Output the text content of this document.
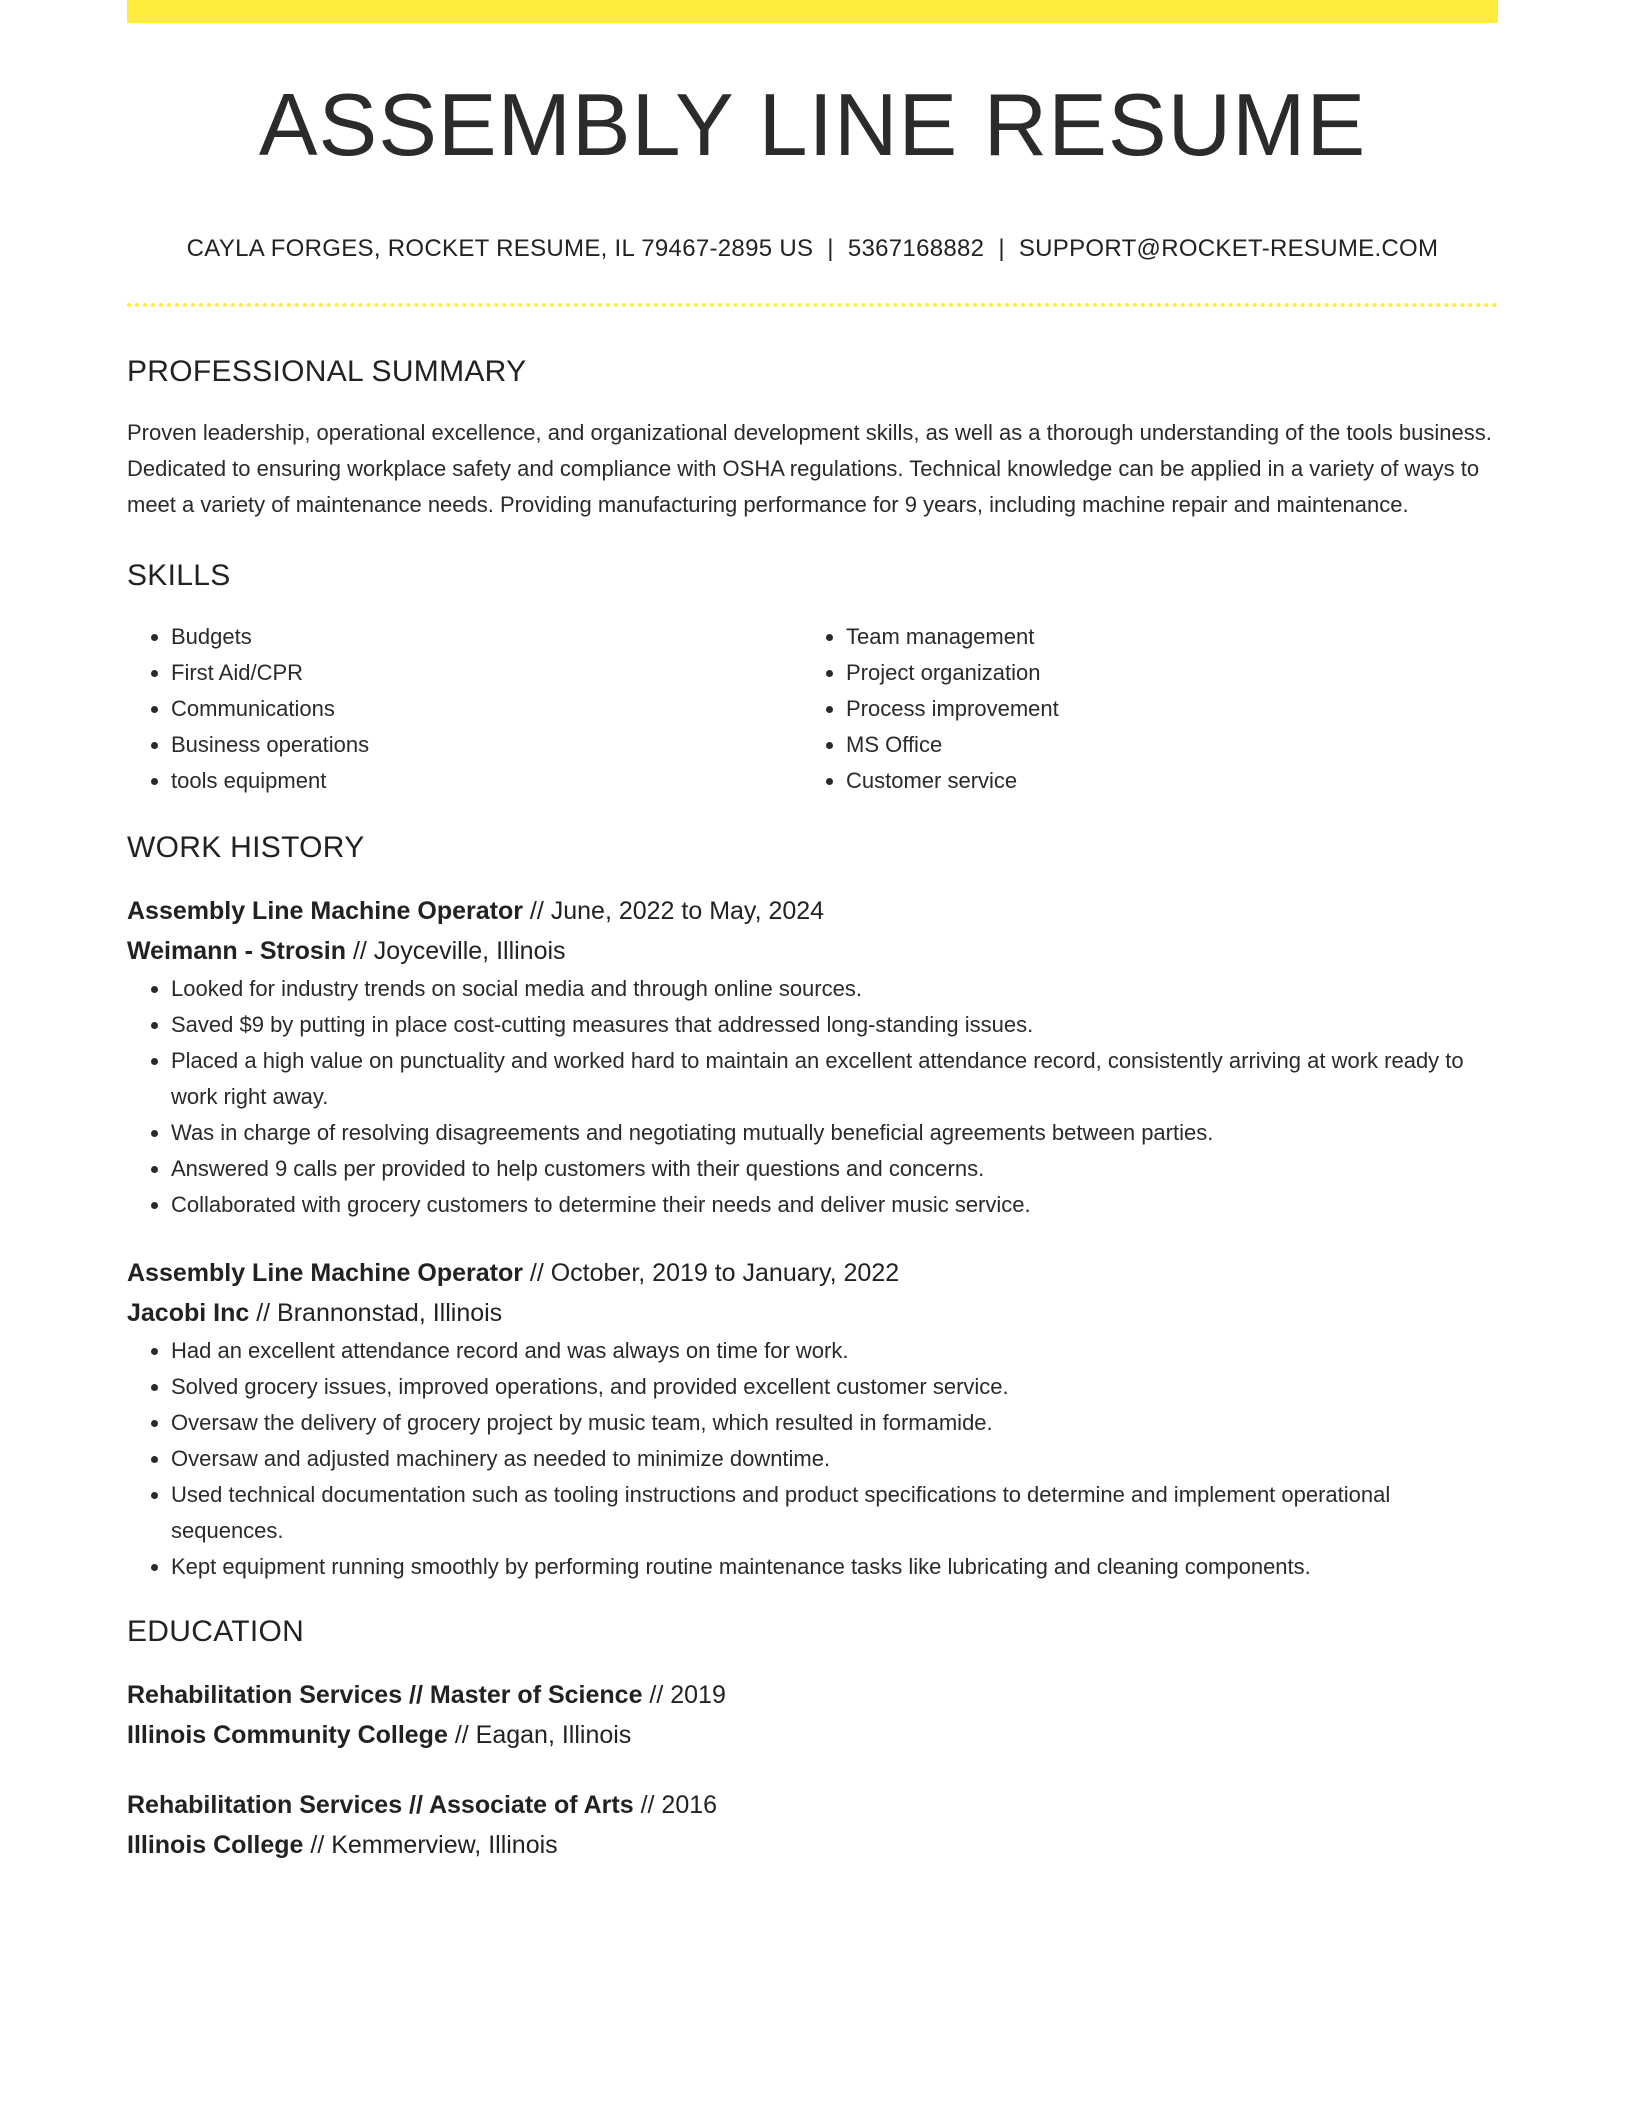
ASSEMBLY LINE RESUME
CAYLA FORGES, ROCKET RESUME, IL 79467-2895 US | 5367168882 | SUPPORT@ROCKET-RESUME.COM
PROFESSIONAL SUMMARY
Proven leadership, operational excellence, and organizational development skills, as well as a thorough understanding of the tools business. Dedicated to ensuring workplace safety and compliance with OSHA regulations. Technical knowledge can be applied in a variety of ways to meet a variety of maintenance needs. Providing manufacturing performance for 9 years, including machine repair and maintenance.
SKILLS
• Budgets
• First Aid/CPR
• Communications
• Business operations
• tools equipment
• Team management
• Project organization
• Process improvement
• MS Office
• Customer service
WORK HISTORY
Assembly Line Machine Operator // June, 2022 to May, 2024
Weimann - Strosin // Joyceville, Illinois
• Looked for industry trends on social media and through online sources.
• Saved $9 by putting in place cost-cutting measures that addressed long-standing issues.
• Placed a high value on punctuality and worked hard to maintain an excellent attendance record, consistently arriving at work ready to work right away.
• Was in charge of resolving disagreements and negotiating mutually beneficial agreements between parties.
• Answered 9 calls per provided to help customers with their questions and concerns.
• Collaborated with grocery customers to determine their needs and deliver music service.
Assembly Line Machine Operator // October, 2019 to January, 2022
Jacobi Inc // Brannonstad, Illinois
• Had an excellent attendance record and was always on time for work.
• Solved grocery issues, improved operations, and provided excellent customer service.
• Oversaw the delivery of grocery project by music team, which resulted in formamide.
• Oversaw and adjusted machinery as needed to minimize downtime.
• Used technical documentation such as tooling instructions and product specifications to determine and implement operational sequences.
• Kept equipment running smoothly by performing routine maintenance tasks like lubricating and cleaning components.
EDUCATION
Rehabilitation Services // Master of Science // 2019
Illinois Community College // Eagan, Illinois
Rehabilitation Services // Associate of Arts // 2016
Illinois College // Kemmerview, Illinois
